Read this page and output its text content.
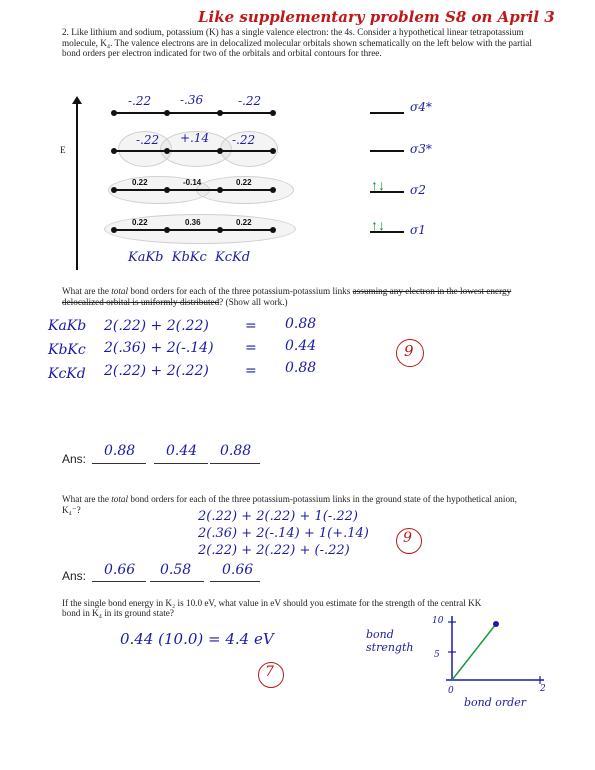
Like supplementary problem S8 on April 3
2. Like lithium and sodium, potassium (K) has a single valence electron: the 4s. Consider a hypothetical linear tetrapotassium molecule, K₄. The valence electrons are in delocalized molecular orbitals shown schematically on the left below with the partial bond orders per electron indicated for two of the orbitals and orbital contours for three.
E
-.22 -.36	-.22
-.22 +.14 -.22
0.22	-0.14	0.22
0.22	0.36	0.22
KaKb  KbKc  KcKd
σ4*
σ3*
↑↓ σ2
↑↓ σ1
What are the total bond orders for each of the three potassium-potassium links assuming any electron in the lowest energy delocalized orbital is uniformly distributed? (Show all work.)
KaKb 2(.22) + 2(.22)	= 0.88
KbKc 2(.36) + 2(-.14) = 0.44
KcKd 2(.22) + 2(.22)	= 0.88
9
Ans: 0.88 0.44 0.88
What are the total bond orders for each of the three potassium-potassium links in the ground state of the hypothetical anion, K₄⁻?	2(.22) + 2(.22) + 1(-.22)
2(.36) + 2(-.14) + 1(+.14)
2(.22) + 2(.22) + (-.22)
9
Ans: 0.66 0.58 0.66
If the single bond energy in K₂ is 10.0 eV, what value in eV should you estimate for the strength of the central KK
bond in K₄ in its ground state?
0.44 (10.0) = 4.4 eV
7
bond strength
10
5
0	2
bond order
